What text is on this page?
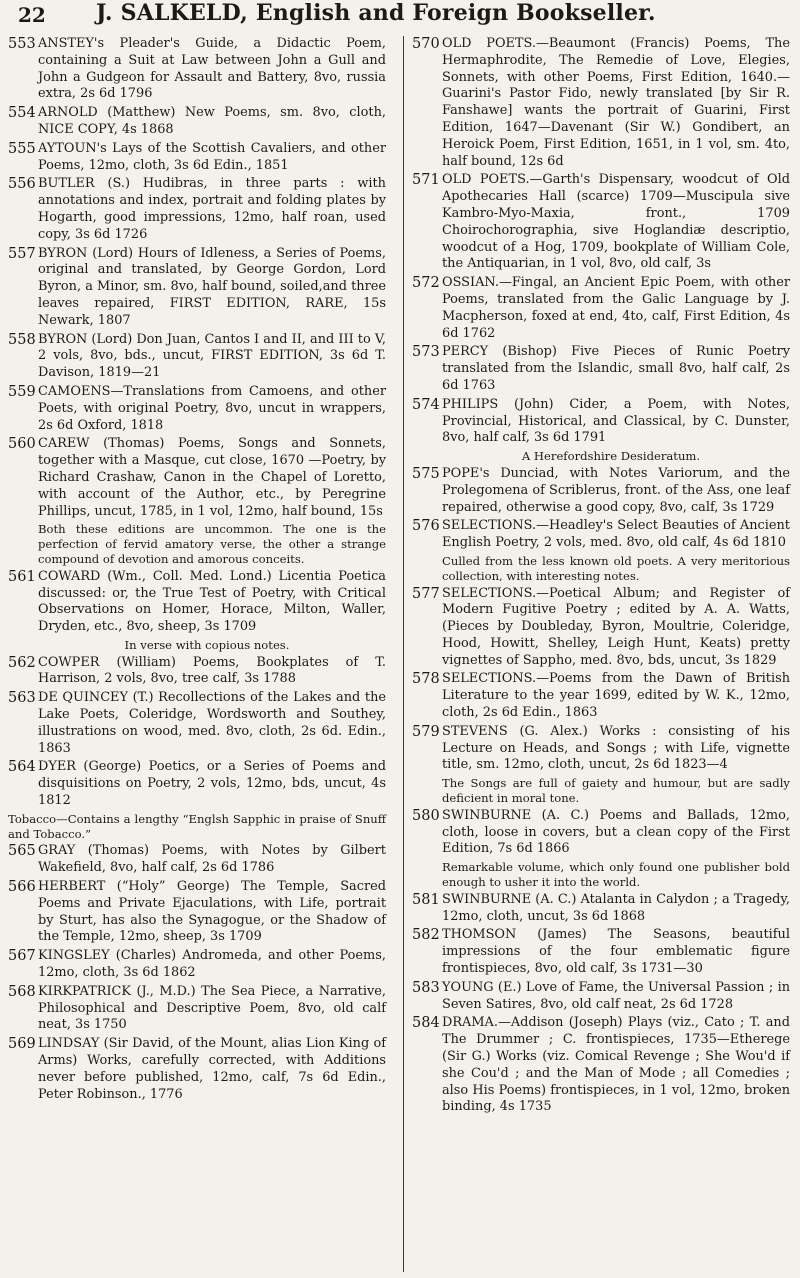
22 J. SALKELD, English and Foreign Bookseller.
553 ANSTEY's Pleader's Guide, a Didactic Poem, containing a Suit at Law between John a Gull and John a Gudgeon for Assault and Battery, 8vo, russia extra, 2s 6d 1796
554 ARNOLD (Matthew) New Poems, sm. 8vo, cloth, NICE COPY, 4s 1868
555 AYTOUN's Lays of the Scottish Cavaliers, and other Poems, 12mo, cloth, 3s 6d Edin., 1851
556 BUTLER (S.) Hudibras, in three parts : with annotations and index, portrait and folding plates by Hogarth, good impressions, 12mo, half roan, used copy, 3s 6d 1726
557 BYRON (Lord) Hours of Idleness, a Series of Poems, original and translated, by George Gordon, Lord Byron, a Minor, sm. 8vo, half bound, soiled,and three leaves repaired, FIRST EDITION, RARE, 15s Newark, 1807
558 BYRON (Lord) Don Juan, Cantos I and II, and III to V, 2 vols, 8vo, bds., uncut, FIRST EDITION, 3s 6d T. Davison, 1819—21
559 CAMOENS—Translations from Camoens, and other Poets, with original Poetry, 8vo, uncut in wrappers, 2s 6d Oxford, 1818
560 CAREW (Thomas) Poems, Songs and Sonnets, together with a Masque, cut close, 1670 —Poetry, by Richard Crashaw, Canon in the Chapel of Loretto, with account of the Author, etc., by Peregrine Phillips, uncut, 1785, in 1 vol, 12mo, half bound, 15s
Both these editions are uncommon. The one is the perfection of fervid amatory verse, the other a strange compound of devotion and amorous conceits.
561 COWARD (Wm., Coll. Med. Lond.) Licentia Poetica discussed: or, the True Test of Poetry, with Critical Observations on Homer, Horace, Milton, Waller, Dryden, etc., 8vo, sheep, 3s 1709
In verse with copious notes.
562 COWPER (William) Poems, Bookplates of T. Harrison, 2 vols, 8vo, tree calf, 3s 1788
563 DE QUINCEY (T.) Recollections of the Lakes and the Lake Poets, Coleridge, Wordsworth and Southey, illustrations on wood, med. 8vo, cloth, 2s 6d. Edin., 1863
564 DYER (George) Poetics, or a Series of Poems and disquisitions on Poetry, 2 vols, 12mo, bds, uncut, 4s 1812
Tobacco—Contains a lengthy “Englsh Sapphic in praise of Snuff and Tobacco.”
565 GRAY (Thomas) Poems, with Notes by Gilbert Wakefield, 8vo, half calf, 2s 6d 1786
566 HERBERT (“Holy” George) The Temple, Sacred Poems and Private Ejaculations, with Life, portrait by Sturt, has also the Synagogue, or the Shadow of the Temple, 12mo, sheep, 3s 1709
567 KINGSLEY (Charles) Andromeda, and other Poems, 12mo, cloth, 3s 6d 1862
568 KIRKPATRICK (J., M.D.) The Sea Piece, a Narrative, Philosophical and Descriptive Poem, 8vo, old calf neat, 3s 1750
569 LINDSAY (Sir David, of the Mount, alias Lion King of Arms) Works, carefully corrected, with Additions never before published, 12mo, calf, 7s 6d Edin., Peter Robinson., 1776
570 OLD POETS.—Beaumont (Francis) Poems, The Hermaphrodite, The Remedie of Love, Elegies, Sonnets, with other Poems, First Edition, 1640.—Guarini's Pastor Fido, newly translated [by Sir R. Fanshawe] wants the portrait of Guarini, First Edition, 1647—Davenant (Sir W.) Gondibert, an Heroick Poem, First Edition, 1651, in 1 vol, sm. 4to, half bound, 12s 6d
571 OLD POETS.—Garth's Dispensary, woodcut of Old Apothecaries Hall (scarce) 1709—Muscipula sive Kambro-Myo-Maxia, front., 1709 Choirochorographia, sive Hoglandiæ descriptio, woodcut of a Hog, 1709, bookplate of William Cole, the Antiquarian, in 1 vol, 8vo, old calf, 3s
572 OSSIAN.—Fingal, an Ancient Epic Poem, with other Poems, translated from the Galic Language by J. Macpherson, foxed at end, 4to, calf, First Edition, 4s 6d 1762
573 PERCY (Bishop) Five Pieces of Runic Poetry translated from the Islandic, small 8vo, half calf, 2s 6d 1763
574 PHILIPS (John) Cider, a Poem, with Notes, Provincial, Historical, and Classical, by C. Dunster, 8vo, half calf, 3s 6d 1791
A Herefordshire Desideratum.
575 POPE's Dunciad, with Notes Variorum, and the Prolegomena of Scriblerus, front. of the Ass, one leaf repaired, otherwise a good copy, 8vo, calf, 3s 1729
576 SELECTIONS.—Headley's Select Beauties of Ancient English Poetry, 2 vols, med. 8vo, old calf, 4s 6d 1810
Culled from the less known old poets. A very meritorious collection, with interesting notes.
577 SELECTIONS.—Poetical Album; and Register of Modern Fugitive Poetry ; edited by A. A. Watts, (Pieces by Doubleday, Byron, Moultrie, Coleridge, Hood, Howitt, Shelley, Leigh Hunt, Keats) pretty vignettes of Sappho, med. 8vo, bds, uncut, 3s 1829
578 SELECTIONS.—Poems from the Dawn of British Literature to the year 1699, edited by W. K., 12mo, cloth, 2s 6d Edin., 1863
579 STEVENS (G. Alex.) Works : consisting of his Lecture on Heads, and Songs ; with Life, vignette title, sm. 12mo, cloth, uncut, 2s 6d 1823—4
The Songs are full of gaiety and humour, but are sadly deficient in moral tone.
580 SWINBURNE (A. C.) Poems and Ballads, 12mo, cloth, loose in covers, but a clean copy of the First Edition, 7s 6d 1866
Remarkable volume, which only found one publisher bold enough to usher it into the world.
581 SWINBURNE (A. C.) Atalanta in Calydon ; a Tragedy, 12mo, cloth, uncut, 3s 6d 1868
582 THOMSON (James) The Seasons, beautiful impressions of the four emblematic figure frontispieces, 8vo, old calf, 3s 1731—30
583 YOUNG (E.) Love of Fame, the Universal Passion ; in Seven Satires, 8vo, old calf neat, 2s 6d 1728
584 DRAMA.—Addison (Joseph) Plays (viz., Cato ; T. and The Drummer ; C. frontispieces, 1735—Etherege (Sir G.) Works (viz. Comical Revenge ; She Wou'd if she Cou'd ; and the Man of Mode ; all Comedies ; also His Poems) frontispieces, in 1 vol, 12mo, broken binding, 4s 1735
